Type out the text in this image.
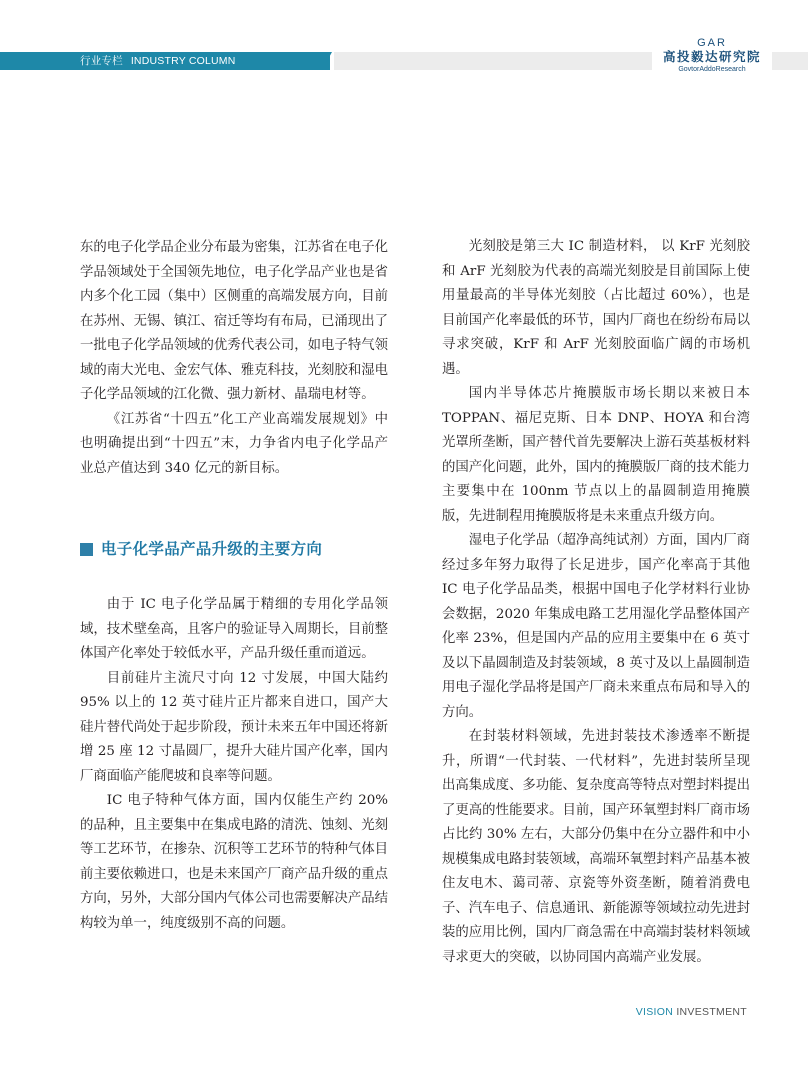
行业专栏 INDUSTRY COLUMN
GAR
高投毅达研究院
GovtorAddoResearch

东的电子化学品企业分布最为密集，江苏省在电子化学品领域处于全国领先地位，电子化学品产业也是省内多个化工园（集中）区侧重的高端发展方向，目前在苏州、无锡、镇江、宿迁等均有布局，已涌现出了一批电子化学品领域的优秀代表公司，如电子特气领域的南大光电、金宏气体、雅克科技，光刻胶和湿电子化学品领域的江化微、强力新材、晶瑞电材等。

《江苏省“十四五”化工产业高端发展规划》中也明确提出到“十四五”末，力争省内电子化学品产业总产值达到 340 亿元的新目标。

电子化学品产品升级的主要方向

由于 IC 电子化学品属于精细的专用化学品领域，技术壁垒高，且客户的验证导入周期长，目前整体国产化率处于较低水平，产品升级任重而道远。

目前硅片主流尺寸向 12 寸发展，中国大陆约 95% 以上的 12 英寸硅片正片都来自进口，国产大硅片替代尚处于起步阶段，预计未来五年中国还将新增 25 座 12 寸晶圆厂，提升大硅片国产化率，国内厂商面临产能爬坡和良率等问题。

IC 电子特种气体方面，国内仅能生产约 20% 的品种，且主要集中在集成电路的清洗、蚀刻、光刻等工艺环节，在掺杂、沉积等工艺环节的特种气体目前主要依赖进口，也是未来国产厂商产品升级的重点方向，另外，大部分国内气体公司也需要解决产品结构较为单一，纯度级别不高的问题。

光刻胶是第三大 IC 制造材料， 以 KrF 光刻胶和 ArF 光刻胶为代表的高端光刻胶是目前国际上使用量最高的半导体光刻胶（占比超过 60%），也是目前国产化率最低的环节，国内厂商也在纷纷布局以寻求突破，KrF 和 ArF 光刻胶面临广阔的市场机遇。

国内半导体芯片掩膜版市场长期以来被日本 TOPPAN、福尼克斯、日本 DNP、HOYA 和台湾光罩所垄断，国产替代首先要解决上游石英基板材料的国产化问题，此外，国内的掩膜版厂商的技术能力主要集中在 100nm 节点以上的晶圆制造用掩膜版，先进制程用掩膜版将是未来重点升级方向。

湿电子化学品（超净高纯试剂）方面，国内厂商经过多年努力取得了长足进步，国产化率高于其他 IC 电子化学品品类，根据中国电子化学材料行业协会数据，2020 年集成电路工艺用湿化学品整体国产化率 23%，但是国内产品的应用主要集中在 6 英寸及以下晶圆制造及封装领域，8 英寸及以上晶圆制造用电子湿化学品将是国产厂商未来重点布局和导入的方向。

在封装材料领域，先进封装技术渗透率不断提升，所谓“一代封装、一代材料”，先进封装所呈现出高集成度、多功能、复杂度高等特点对塑封料提出了更高的性能要求。目前，国产环氧塑封料厂商市场占比约 30% 左右，大部分仍集中在分立器件和中小规模集成电路封装领域，高端环氧塑封料产品基本被住友电木、蔼司蒂、京瓷等外资垄断，随着消费电子、汽车电子、信息通讯、新能源等领域拉动先进封装的应用比例，国内厂商急需在中高端封装材料领域寻求更大的突破，以协同国内高端产业发展。

VISION INVESTMENT
